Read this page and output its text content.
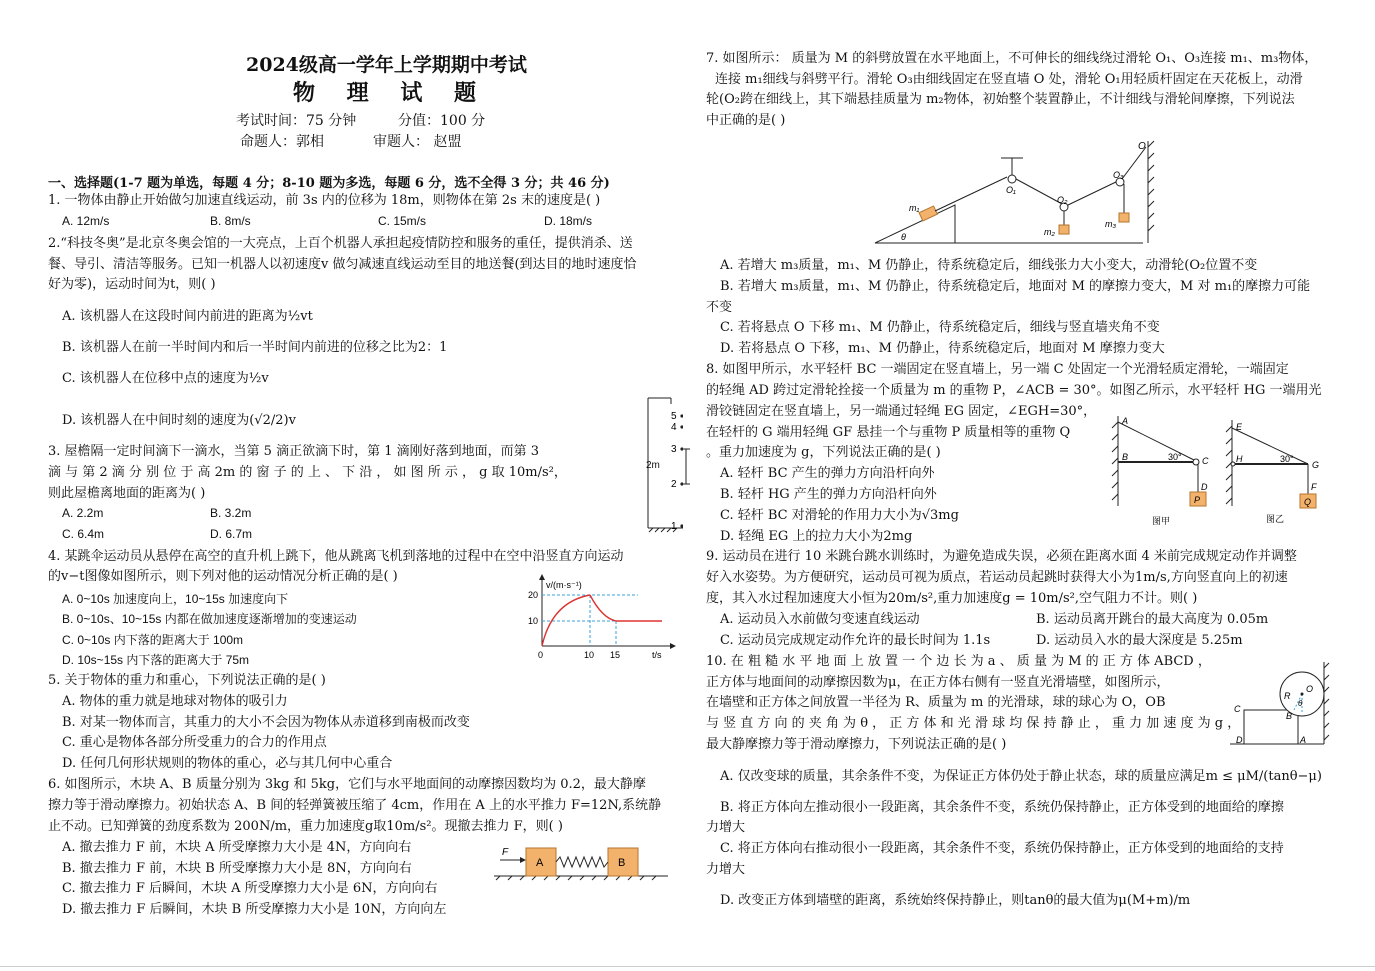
2024级高一学年上学期期中考试
物 理 试 题
考试时间：75 分钟	分值：100 分
命题人：郭相	审题人： 赵盟
一、选择题(1-7 题为单选，每题 4 分；8-10 题为多选，每题 6 分，选不全得 3 分；共 46 分)
1. 一物体由静止开始做匀加速直线运动，前 3s 内的位移为 18m，则物体在第 2s 末的速度是( )
A. 12m/s	B. 8m/s	C. 15m/s	D. 18m/s
2.“科技冬奥”是北京冬奥会馆的一大亮点，上百个机器人承担起疫情防控和服务的重任，提供消杀、送
餐、导引、清洁等服务。已知一机器人以初速度v 做匀减速直线运动至目的地送餐(到达目的地时速度恰
好为零)，运动时间为t，则( )
A. 该机器人在这段时间内前进的距离为½vt
B. 该机器人在前一半时间内和后一半时间内前进的位移之比为2：1
C. 该机器人在位移中点的速度为½v
D. 该机器人在中间时刻的速度为(√2/2)v	5
4
3
2
1
2m
3. 屋檐隔一定时间滴下一滴水，当第 5 滴正欲滴下时，第 1 滴刚好落到地面，而第 3
滴 与 第 2 滴 分 别 位 于 高 2m 的 窗 子 的 上 、 下 沿 ， 如 图 所 示 ， g 取 10m/s²，
则此屋檐离地面的距离为( )
A. 2.2m	B. 3.2m
C. 6.4m	D. 6.7m
4. 某跳伞运动员从悬停在高空的直升机上跳下，他从跳离飞机到落地的过程中在空中沿竖直方向运动
的v−t图像如图所示，则下列对他的运动情况分析正确的是( )
A. 0~10s 加速度向上，10~15s 加速度向下
B. 0~10s、10~15s 内都在做加速度逐渐增加的变速运动
C. 0~10s 内下落的距离大于 100m
D. 10s~15s 内下落的距离大于 75m
v/(m·s⁻¹)
20
10
0	10 15	t/s
5. 关于物体的重力和重心，下列说法正确的是( )
A. 物体的重力就是地球对物体的吸引力
B. 对某一物体而言，其重力的大小不会因为物体从赤道移到南极而改变
C. 重心是物体各部分所受重力的合力的作用点
D. 任何几何形状规则的物体的重心，必与其几何中心重合
6. 如图所示，木块 A、B 质量分别为 3kg 和 5kg，它们与水平地面间的动摩擦因数均为 0.2，最大静摩
擦力等于滑动摩擦力。初始状态 A、B 间的轻弹簧被压缩了 4cm，作用在 A 上的水平推力 F=12N,系统静
止不动。已知弹簧的劲度系数为 200N/m，重力加速度g取10m/s²。现撤去推力 F，则( )
A. 撤去推力 F 前，木块 A 所受摩擦力大小是 4N，方向向右
B. 撤去推力 F 前，木块 B 所受摩擦力大小是 8N，方向向右
C. 撤去推力 F 后瞬间，木块 A 所受摩擦力大小是 6N，方向向右
D. 撤去推力 F 后瞬间，木块 B 所受摩擦力大小是 10N，方向向左
F
A	B
7. 如图所示： 质量为 M 的斜劈放置在水平地面上，不可伸长的细线绕过滑轮 O₁、O₃连接 m₁、m₃物体，
连接 m₁细线与斜劈平行。滑轮 O₃由细线固定在竖直墙 O 处，滑轮 O₁用轻质杆固定在天花板上，动滑
轮(O₂跨在细线上，其下端悬挂质量为 m₂物体，初始整个装置静止，不计细线与滑轮间摩擦，下列说法
中正确的是( )
O
O₁
O₂
O₃
m₁
m₂
m₃
θ
A. 若增大 m₃质量，m₁、M 仍静止，待系统稳定后，细线张力大小变大，动滑轮(O₂位置不变
B. 若增大 m₃质量，m₁、M 仍静止，待系统稳定后，地面对 M 的摩擦力变大，M 对 m₁的摩擦力可能
不变
C. 若将悬点 O 下移 m₁、M 仍静止，待系统稳定后，细线与竖直墙夹角不变
D. 若将悬点 O 下移，m₁、M 仍静止，待系统稳定后，地面对 M 摩擦力变大
8. 如图甲所示，水平轻杆 BC 一端固定在竖直墙上，另一端 C 处固定一个光滑轻质定滑轮，一端固定
的轻绳 AD 跨过定滑轮拴接一个质量为 m 的重物 P，∠ACB = 30°。如图乙所示，水平轻杆 HG 一端用光
滑铰链固定在竖直墙上，另一端通过轻绳 EG 固定，∠EGH=30°，
在轻杆的 G 端用轻绳 GF 悬挂一个与重物 P 质量相等的重物 Q
。重力加速度为 g，下列说法正确的是( )
A. 轻杆 BC 产生的弹力方向沿杆向外
B. 轻杆 HG 产生的弹力方向沿杆向外
C. 轻杆 BC 对滑轮的作用力大小为√3mg
D. 轻绳 EG 上的拉力大小为2mg
A
B	C
D
P
30°
图甲
E
H
G
F
Q
30°
图乙
9. 运动员在进行 10 米跳台跳水训练时，为避免造成失误，必须在距离水面 4 米前完成规定动作并调整
好入水姿势。为方便研究，运动员可视为质点，若运动员起跳时获得大小为1m/s,方向竖直向上的初速
度，其入水过程加速度大小恒为20m/s²,重力加速度g = 10m/s²,空气阻力不计。则( )
A. 运动员入水前做匀变速直线运动	B. 运动员离开跳台的最大高度为 0.05m
C. 运动员完成规定动作允许的最长时间为 1.1s	D. 运动员入水的最大深度是 5.25m
10. 在 粗 糙 水 平 地 面 上 放 置 一 个 边 长 为 a 、 质 量 为 M 的 正 方 体 ABCD ，
正方体与地面间的动摩擦因数为μ，在正方体右侧有一竖直光滑墙壁，如图所示，
在墙壁和正方体之间放置一半径为 R、质量为 m 的光滑球，球的球心为 O，OB
与 竖 直 方 向 的 夹 角 为 θ ， 正 方 体 和 光 滑 球 均 保 持 静 止 ， 重 力 加 速 度 为 g ，
最大静摩擦力等于滑动摩擦力，下列说法正确的是( )
R
O
θ
C
B
D	A
A. 仅改变球的质量，其余条件不变，为保证正方体仍处于静止状态，球的质量应满足m ≤ μM/(tanθ−μ)
B. 将正方体向左推动很小一段距离，其余条件不变，系统仍保持静止，正方体受到的地面给的摩擦
力增大
C. 将正方体向右推动很小一段距离，其余条件不变，系统仍保持静止，正方体受到的地面给的支持
力增大
D. 改变正方体到墙壁的距离，系统始终保持静止，则tanθ的最大值为μ(M+m)/m
